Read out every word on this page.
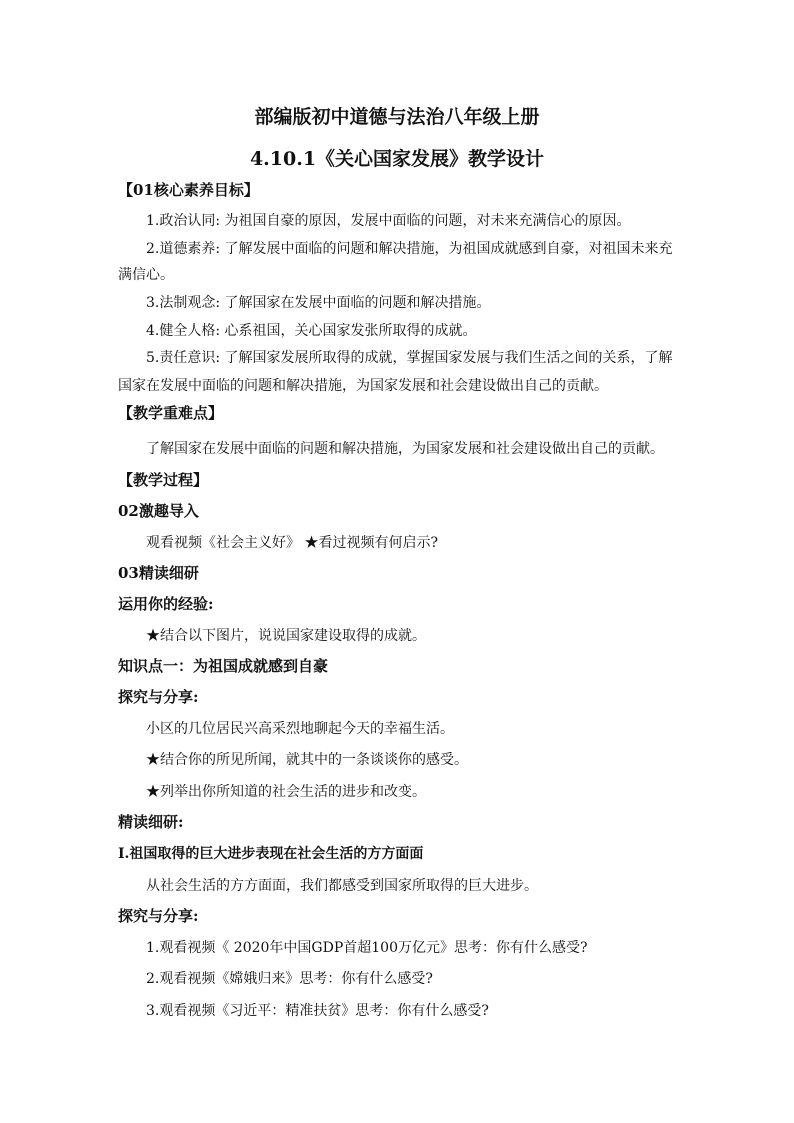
部编版初中道德与法治八年级上册
4.10.1《关心国家发展》教学设计
【01核心素养目标】
1.政治认同: 为祖国自豪的原因，发展中面临的问题，对未来充满信心的原因。
2.道德素养: 了解发展中面临的问题和解决措施，为祖国成就感到自豪，对祖国未来充
满信心。
3.法制观念: 了解国家在发展中面临的问题和解决措施。
4.健全人格: 心系祖国，关心国家发张所取得的成就。
5.责任意识: 了解国家发展所取得的成就，掌握国家发展与我们生活之间的关系，了解
国家在发展中面临的问题和解决措施，为国家发展和社会建设做出自己的贡献。
【教学重难点】
了解国家在发展中面临的问题和解决措施，为国家发展和社会建设做出自己的贡献。
【教学过程】
02激趣导入
观看视频《社会主义好》 ★看过视频有何启示?
03精读细研
运用你的经验:
★结合以下图片，说说国家建设取得的成就。
知识点一：为祖国成就感到自豪
探究与分享:
小区的几位居民兴高采烈地聊起今天的幸福生活。
★结合你的所见所闻，就其中的一条谈谈你的感受。
★列举出你所知道的社会生活的进步和改变。
精读细研:
Ⅰ.祖国取得的巨大进步表现在社会生活的方方面面
从社会生活的方方面面，我们都感受到国家所取得的巨大进步。
探究与分享:
1.观看视频《 2020年中国GDP首超100万亿元》思考：你有什么感受?
2.观看视频《嫦娥归来》思考：你有什么感受?
3.观看视频《习近平：精准扶贫》思考：你有什么感受?
